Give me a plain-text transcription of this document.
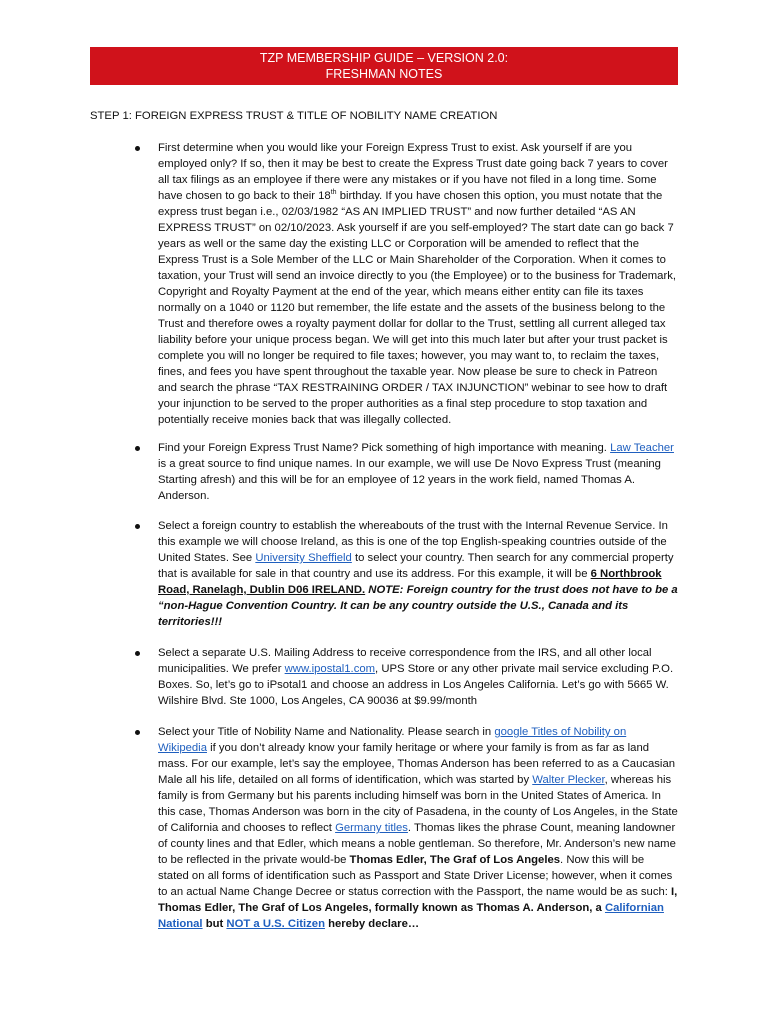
TZP MEMBERSHIP GUIDE – VERSION 2.0:
FRESHMAN NOTES
STEP 1: FOREIGN EXPRESS TRUST & TITLE OF NOBILITY NAME CREATION

First determine when you would like your Foreign Express Trust to exist. Ask yourself if are you employed only? If so, then it may be best to create the Express Trust date going back 7 years to cover all tax filings as an employee if there were any mistakes or if you have not filed in a long time. Some have chosen to go back to their 18th birthday. If you have chosen this option, you must notate that the express trust began i.e., 02/03/1982 “AS AN IMPLIED TRUST” and now further detailed “AS AN EXPRESS TRUST” on 02/10/2023. Ask yourself if are you self-employed? The start date can go back 7 years as well or the same day the existing LLC or Corporation will be amended to reflect that the Express Trust is a Sole Member of the LLC or Main Shareholder of the Corporation. When it comes to taxation, your Trust will send an invoice directly to you (the Employee) or to the business for Trademark, Copyright and Royalty Payment at the end of the year, which means either entity can file its taxes normally on a 1040 or 1120 but remember, the life estate and the assets of the business belong to the Trust and therefore owes a royalty payment dollar for dollar to the Trust, settling all current alleged tax liability before your unique process began. We will get into this much later but after your trust packet is complete you will no longer be required to file taxes; however, you may want to, to reclaim the taxes, fines, and fees you have spent throughout the taxable year. Now please be sure to check in Patreon and search the phrase “TAX RESTRAINING ORDER / TAX INJUNCTION” webinar to see how to draft your injunction to be served to the proper authorities as a final step procedure to stop taxation and potentially receive monies back that was illegally collected.

Find your Foreign Express Trust Name? Pick something of high importance with meaning. Law Teacher is a great source to find unique names. In our example, we will use De Novo Express Trust (meaning Starting afresh) and this will be for an employee of 12 years in the work field, named Thomas A. Anderson.

Select a foreign country to establish the whereabouts of the trust with the Internal Revenue Service. In this example we will choose Ireland, as this is one of the top English-speaking countries outside of the United States. See University Sheffield to select your country. Then search for any commercial property that is available for sale in that country and use its address. For this example, it will be 6 Northbrook Road, Ranelagh, Dublin D06 IRELAND. NOTE: Foreign country for the trust does not have to be a “non-Hague Convention Country. It can be any country outside the U.S., Canada and its territories!!!

Select a separate U.S. Mailing Address to receive correspondence from the IRS, and all other local municipalities. We prefer www.ipostal1.com, UPS Store or any other private mail service excluding P.O. Boxes. So, let’s go to iPsotal1 and choose an address in Los Angeles California. Let’s go with 5665 W. Wilshire Blvd. Ste 1000, Los Angeles, CA 90036 at $9.99/month

Select your Title of Nobility Name and Nationality. Please search in google Titles of Nobility on Wikipedia if you don’t already know your family heritage or where your family is from as far as land mass. For our example, let’s say the employee, Thomas Anderson has been referred to as a Caucasian Male all his life, detailed on all forms of identification, which was started by Walter Plecker, whereas his family is from Germany but his parents including himself was born in the United States of America. In this case, Thomas Anderson was born in the city of Pasadena, in the county of Los Angeles, in the State of California and chooses to reflect Germany titles. Thomas likes the phrase Count, meaning landowner of county lines and that Edler, which means a noble gentleman. So therefore, Mr. Anderson’s new name to be reflected in the private would-be Thomas Edler, The Graf of Los Angeles. Now this will be stated on all forms of identification such as Passport and State Driver License; however, when it comes to an actual Name Change Decree or status correction with the Passport, the name would be as such: I, Thomas Edler, The Graf of Los Angeles, formally known as Thomas A. Anderson, a Californian National but NOT a U.S. Citizen hereby declare…
